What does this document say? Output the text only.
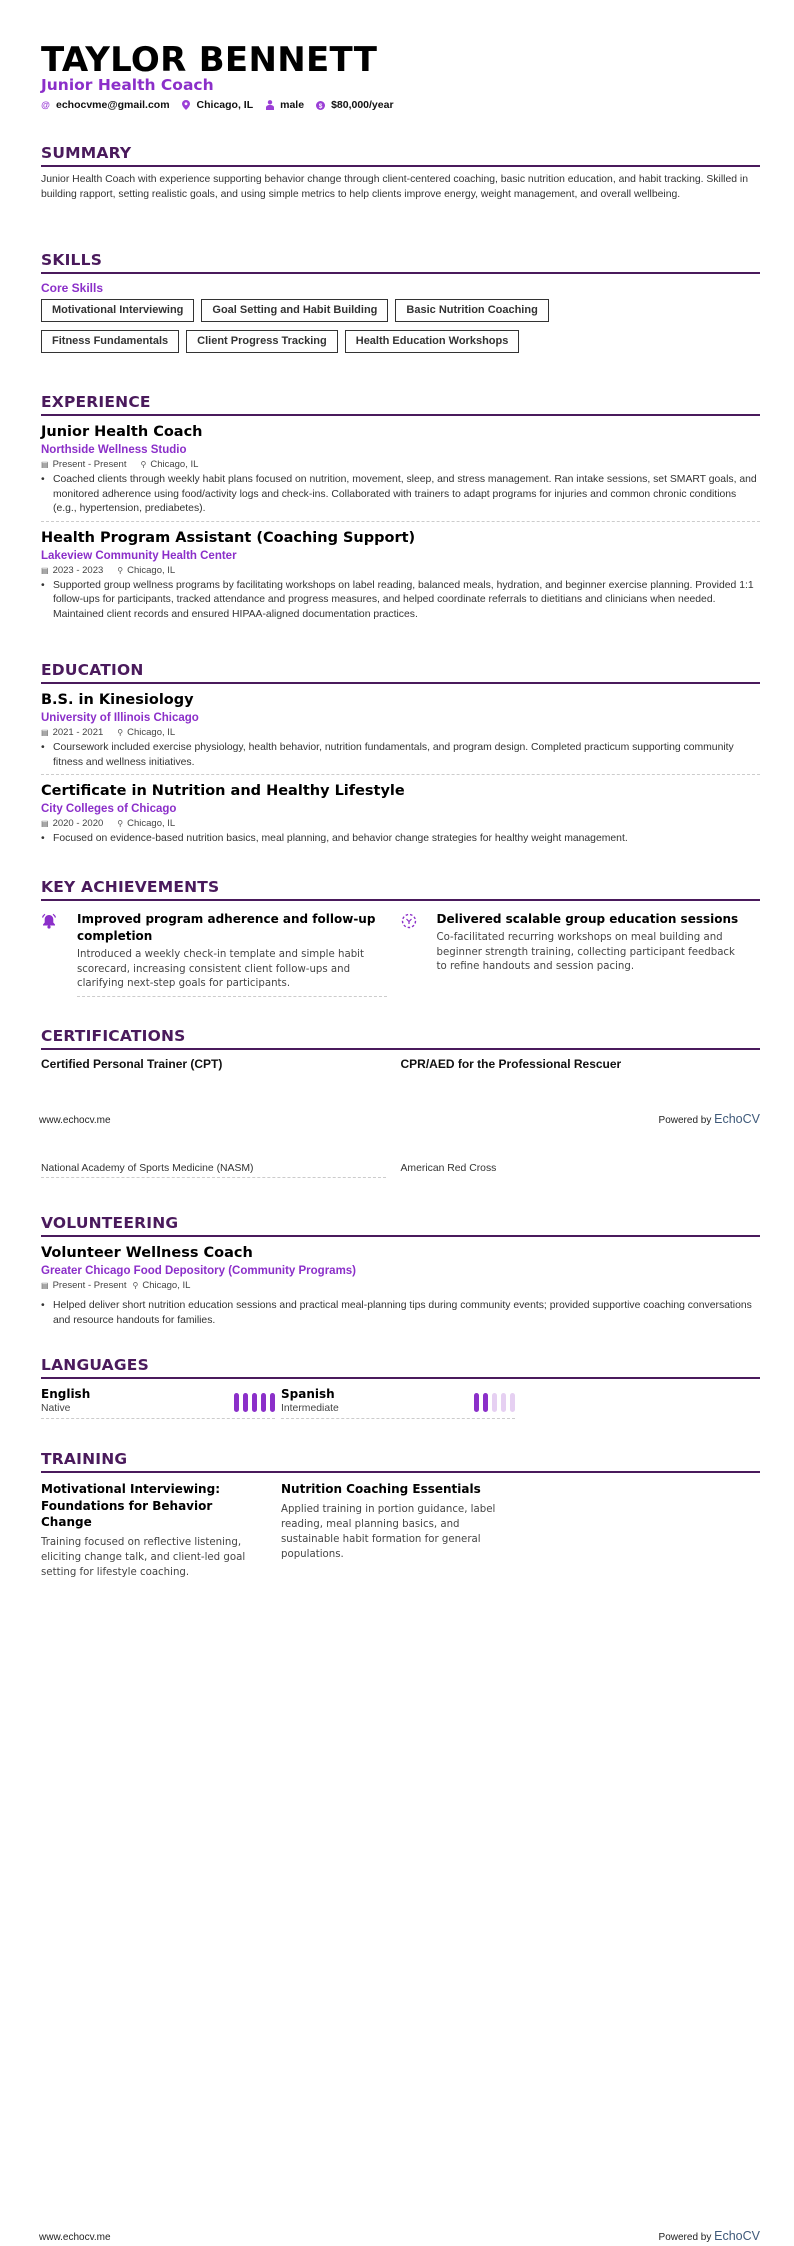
TAYLOR BENNETT
Junior Health Coach
@ echocvme@gmail.com	Chicago, IL	male $ $80,000/year
SUMMARY
Junior Health Coach with experience supporting behavior change through client-centered coaching, basic nutrition education, and habit tracking. Skilled in building rapport, setting realistic goals, and using simple metrics to help clients improve energy, weight management, and overall wellbeing.
SKILLS
Core Skills
Motivational Interviewing	Goal Setting and Habit Building	Basic Nutrition Coaching
Fitness Fundamentals	Client Progress Tracking	Health Education Workshops
EXPERIENCE
Junior Health Coach
Northside Wellness Studio
▤ Present - Present ⚲ Chicago, IL
• Coached clients through weekly habit plans focused on nutrition, movement, sleep, and stress management. Ran intake sessions, set SMART goals, and monitored adherence using food/activity logs and check-ins. Collaborated with trainers to adapt programs for injuries and common chronic conditions (e.g., hypertension, prediabetes).
Health Program Assistant (Coaching Support)
Lakeview Community Health Center
▤ 2023 - 2023 ⚲ Chicago, IL
• Supported group wellness programs by facilitating workshops on label reading, balanced meals, hydration, and beginner exercise planning. Provided 1:1 follow-ups for participants, tracked attendance and progress measures, and helped coordinate referrals to dietitians and clinicians when needed. Maintained client records and ensured HIPAA-aligned documentation practices.
EDUCATION
B.S. in Kinesiology
University of Illinois Chicago
▤ 2021 - 2021 ⚲ Chicago, IL
• Coursework included exercise physiology, health behavior, nutrition fundamentals, and program design. Completed practicum supporting community fitness and wellness initiatives.
Certificate in Nutrition and Healthy Lifestyle
City Colleges of Chicago
▤ 2020 - 2020 ⚲ Chicago, IL
• Focused on evidence-based nutrition basics, meal planning, and behavior change strategies for healthy weight management.
KEY ACHIEVEMENTS
Improved program adherence and follow-up completion
Introduced a weekly check-in template and simple habit scorecard, increasing consistent client follow-ups and clarifying next-step goals for participants.
Delivered scalable group education sessions
Co-facilitated recurring workshops on meal building and beginner strength training, collecting participant feedback to refine handouts and session pacing.
CERTIFICATIONS
Certified Personal Trainer (CPT)	CPR/AED for the Professional Rescuer
National Academy of Sports Medicine (NASM)	American Red Cross
VOLUNTEERING
Volunteer Wellness Coach
Greater Chicago Food Depository (Community Programs)
▤ Present - Present ⚲ Chicago, IL
• Helped deliver short nutrition education sessions and practical meal-planning tips during community events; provided supportive coaching conversations and resource handouts for families.
LANGUAGES
English
Native
Spanish
Intermediate
TRAINING
Motivational Interviewing: Foundations for Behavior Change
Training focused on reflective listening, eliciting change talk, and client-led goal setting for lifestyle coaching.
Nutrition Coaching Essentials
Applied training in portion guidance, label reading, meal planning basics, and sustainable habit formation for general populations.
www.echocv.me	Powered by EchoCV
www.echocv.me	Powered by EchoCV
